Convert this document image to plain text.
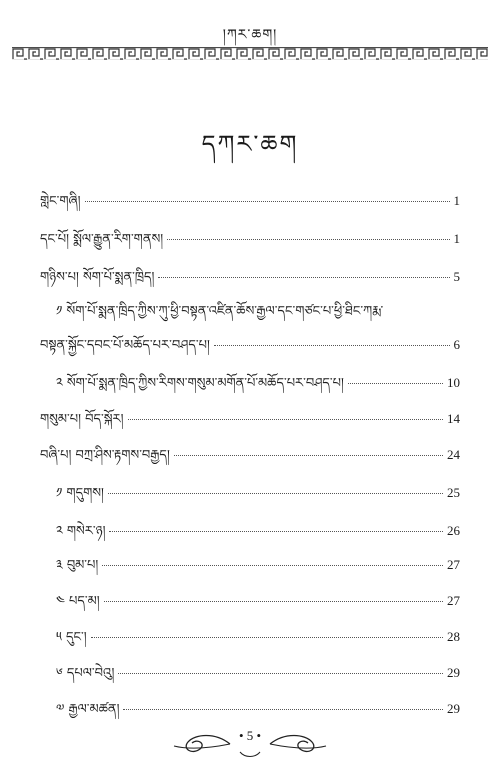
།ཀར་ཆག།
དཀར་ཆག
གླེང་གཞི།	1
དང་པོ། སྨོལ་རྒྱུན་རིག་གནས།	1
གཉིས་པ། སོག་པོ་སྨན་ཁྲིད།	5
༡ སོག་པོ་སྨན་ཁྲིད་ཀྱིས་ཀུ་ཕྱི་བསྟན་འཛིན་ཆོས་རྒྱལ་དང་གཙང་པ་ཕྱི་ཐིང་ཀརྨ་
བསྟན་སྐྱོང་དབང་པོ་མཆོད་པར་བཤད་པ།	6
༢ སོག་པོ་སྨན་ཁྲིད་ཀྱིས་རིགས་གསུམ་མགོན་པོ་མཆོད་པར་བཤད་པ།	10
གསུམ་པ། བོད་སྐོར།	14
བཞི་པ། བཀྲ་ཤིས་རྟགས་བརྒྱད།	24
༡ གདུགས།	25
༢ གསེར་ཉ།	26
༣ བུམ་པ།	27
༤ པད་མ།	27
༥ དུང་།	28
༦ དཔལ་བེའུ།	29
༧ རྒྱལ་མཚན།	29
• 5 •
